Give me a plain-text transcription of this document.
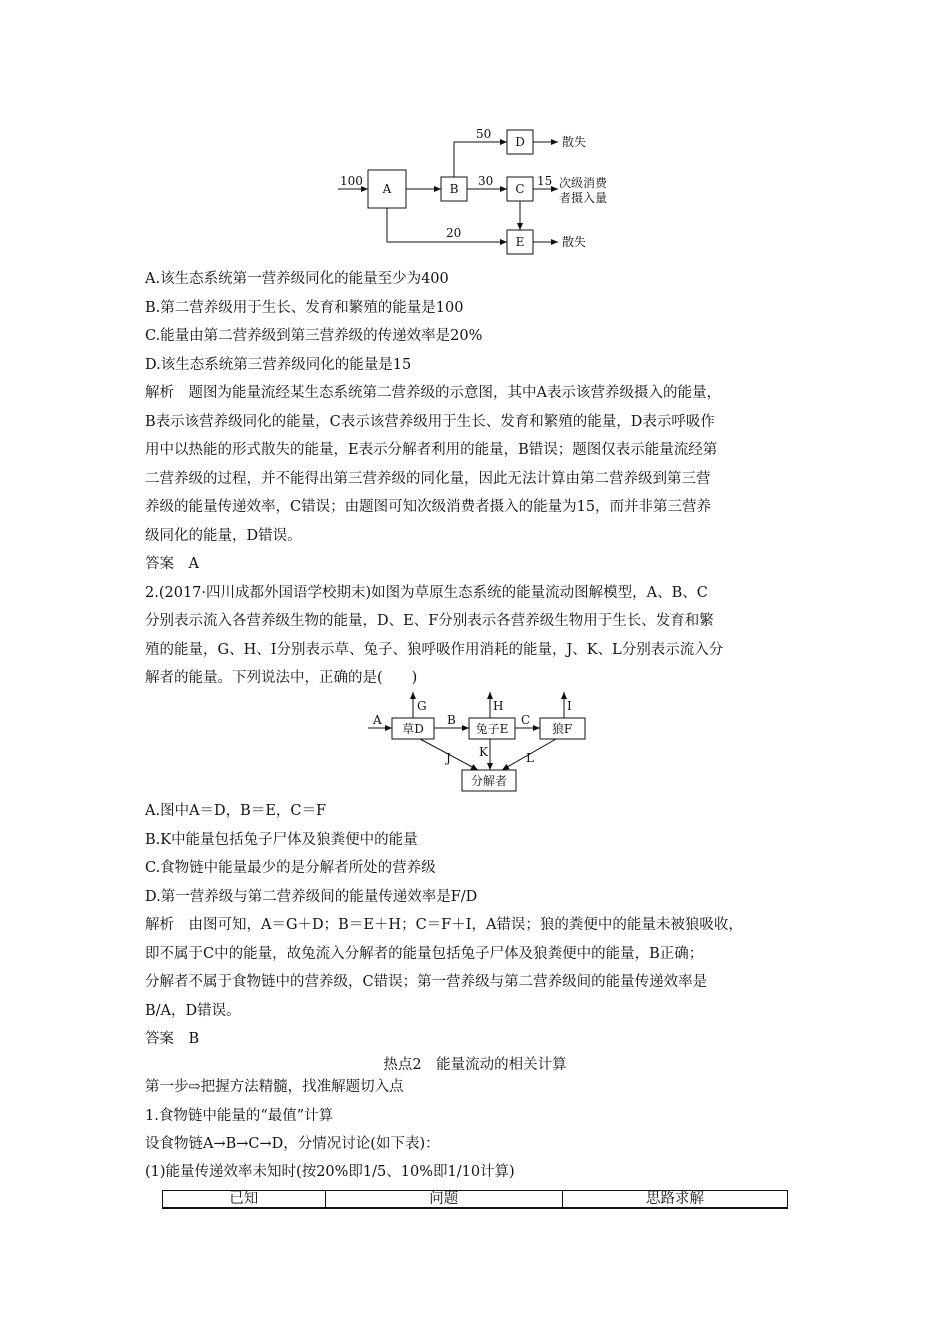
A	B
D
C
E
100
50
30	15
20
散失
次级消费
者摄入量
散失
A.该生态系统第一营养级同化的能量至少为400
B.第二营养级用于生长、发育和繁殖的能量是100
C.能量由第二营养级到第三营养级的传递效率是20%
D.该生态系统第三营养级同化的能量是15
解析　题图为能量流经某生态系统第二营养级的示意图，其中A表示该营养级摄入的能量，
B表示该营养级同化的能量，C表示该营养级用于生长、发育和繁殖的能量，D表示呼吸作
用中以热能的形式散失的能量，E表示分解者利用的能量，B错误；题图仅表示能量流经第
二营养级的过程，并不能得出第三营养级的同化量，因此无法计算由第二营养级到第三营
养级的能量传递效率，C错误；由题图可知次级消费者摄入的能量为15，而并非第三营养
级同化的能量，D错误。
答案　A
2.(2017·四川成都外国语学校期末)如图为草原生态系统的能量流动图解模型，A、B、C
分别表示流入各营养级生物的能量，D、E、F分别表示各营养级生物用于生长、发育和繁
殖的能量，G、H、I分别表示草、兔子、狼呼吸作用消耗的能量，J、K、L分别表示流入分
解者的能量。下列说法中，正确的是(　　)
草D	兔子E	狼F
分解者
A	B	C
G	H	I
J K	L
A.图中A＝D，B＝E，C＝F
B.K中能量包括兔子尸体及狼粪便中的能量
C.食物链中能量最少的是分解者所处的营养级
D.第一营养级与第二营养级间的能量传递效率是F/D
解析　由图可知，A＝G＋D；B＝E＋H；C＝F＋I，A错误；狼的粪便中的能量未被狼吸收，
即不属于C中的能量，故兔流入分解者的能量包括兔子尸体及狼粪便中的能量，B正确；
分解者不属于食物链中的营养级，C错误；第一营养级与第二营养级间的能量传递效率是
B/A，D错误。
答案　B
热点2　能量流动的相关计算
第一步⇨把握方法精髓，找准解题切入点
1.食物链中能量的“最值”计算
设食物链A→B→C→D，分情况讨论(如下表)：
(1)能量传递效率未知时(按20%即1/5、10%即1/10计算)
已知	问题	思路求解
